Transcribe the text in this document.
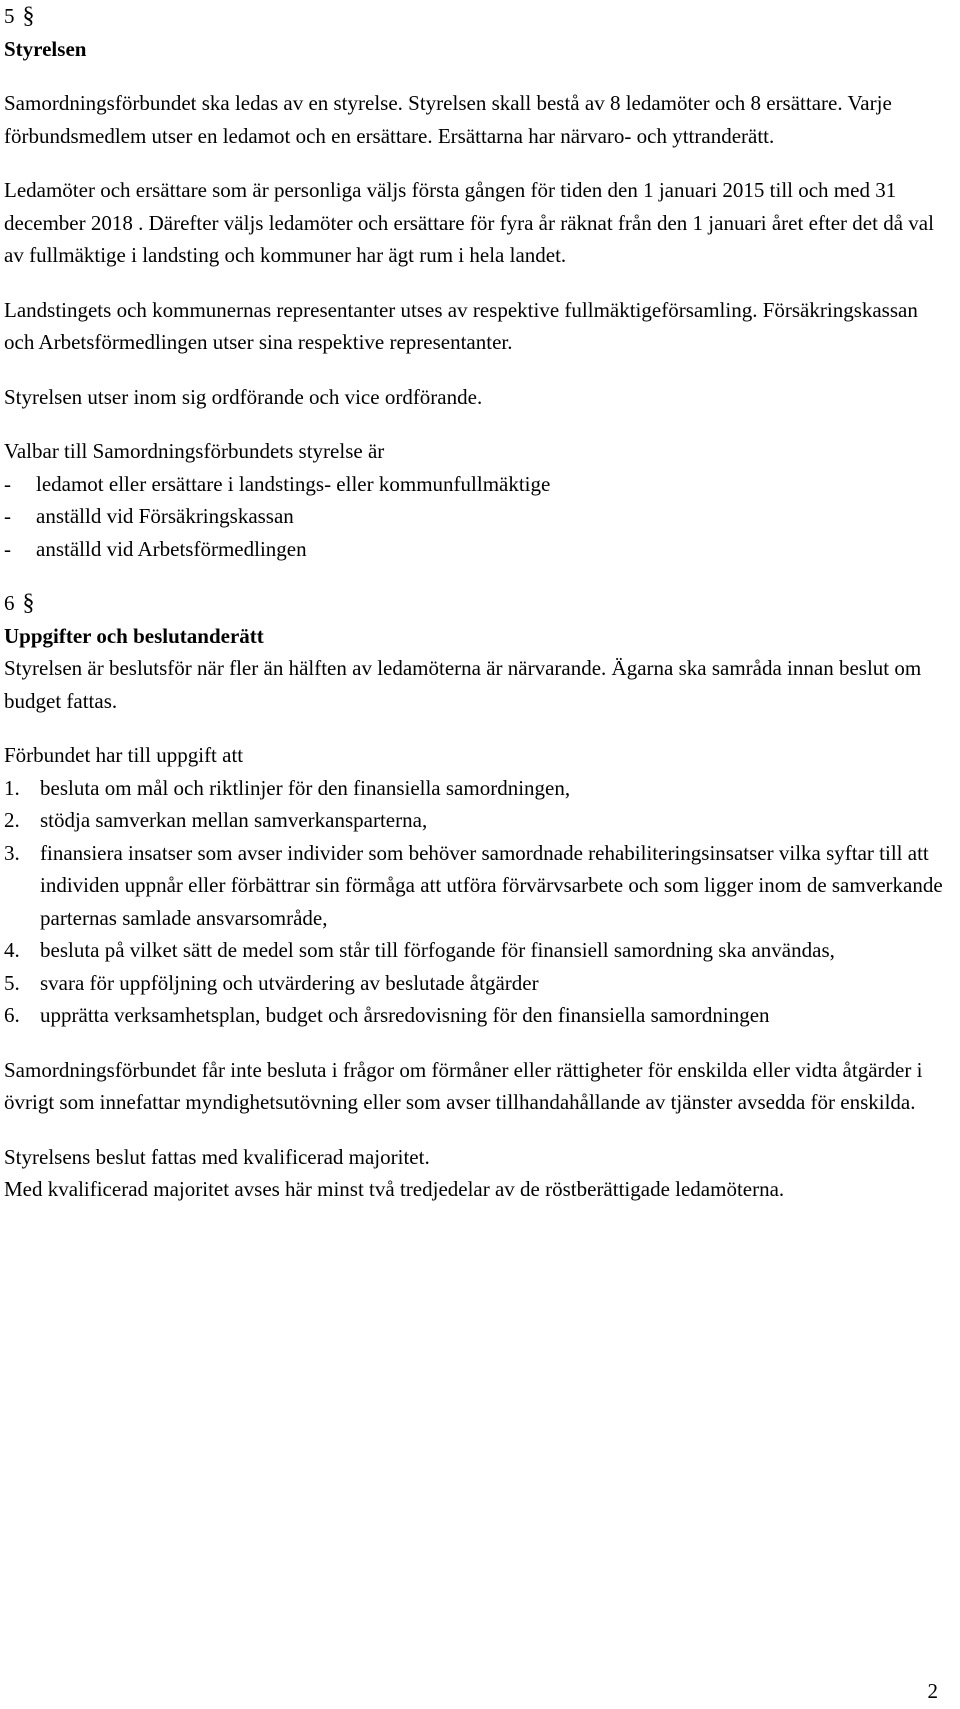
5 §

Styrelsen

Samordningsförbundet ska ledas av en styrelse. Styrelsen skall bestå av 8 ledamöter och 8 ersättare. Varje förbundsmedlem utser en ledamot och en ersättare. Ersättarna har närvaro- och yttranderätt.

Ledamöter och ersättare som är personliga väljs första gången för tiden den 1 januari 2015 till och med 31 december 2018 . Därefter väljs ledamöter och ersättare för fyra år räknat från den 1 januari året efter det då val av fullmäktige i landsting och kommuner har ägt rum i hela landet.

Landstingets och kommunernas representanter utses av respektive fullmäktigeförsamling. Försäkringskassan och Arbetsförmedlingen utser sina respektive representanter.

Styrelsen utser inom sig ordförande och vice ordförande.

Valbar till Samordningsförbundets styrelse är

-	ledamot eller ersättare i landstings- eller kommunfullmäktige
-	anställd vid Försäkringskassan
-	anställd vid Arbetsförmedlingen
6 §

Uppgifter och beslutanderätt

Styrelsen är beslutsför när fler än hälften av ledamöterna är närvarande. Ägarna ska samråda innan beslut om budget fattas.

Förbundet har till uppgift att

1. besluta om mål och riktlinjer för den finansiella samordningen,
2. stödja samverkan mellan samverkansparterna,
3. finansiera insatser som avser individer som behöver samordnade rehabiliteringsinsatser vilka syftar till att individen uppnår eller förbättrar sin förmåga att utföra förvärvsarbete och som ligger inom de samverkande parternas samlade ansvarsområde,
4. besluta på vilket sätt de medel som står till förfogande för finansiell samordning ska användas,
5. svara för uppföljning och utvärdering av beslutade åtgärder
6. upprätta verksamhetsplan, budget och årsredovisning för den finansiella samordningen

Samordningsförbundet får inte besluta i frågor om förmåner eller rättigheter för enskilda eller vidta åtgärder i övrigt som innefattar myndighetsutövning eller som avser tillhandahållande av tjänster avsedda för enskilda.

Styrelsens beslut fattas med kvalificerad majoritet.

Med kvalificerad majoritet avses här minst två tredjedelar av de röstberättigade ledamöterna.

2
